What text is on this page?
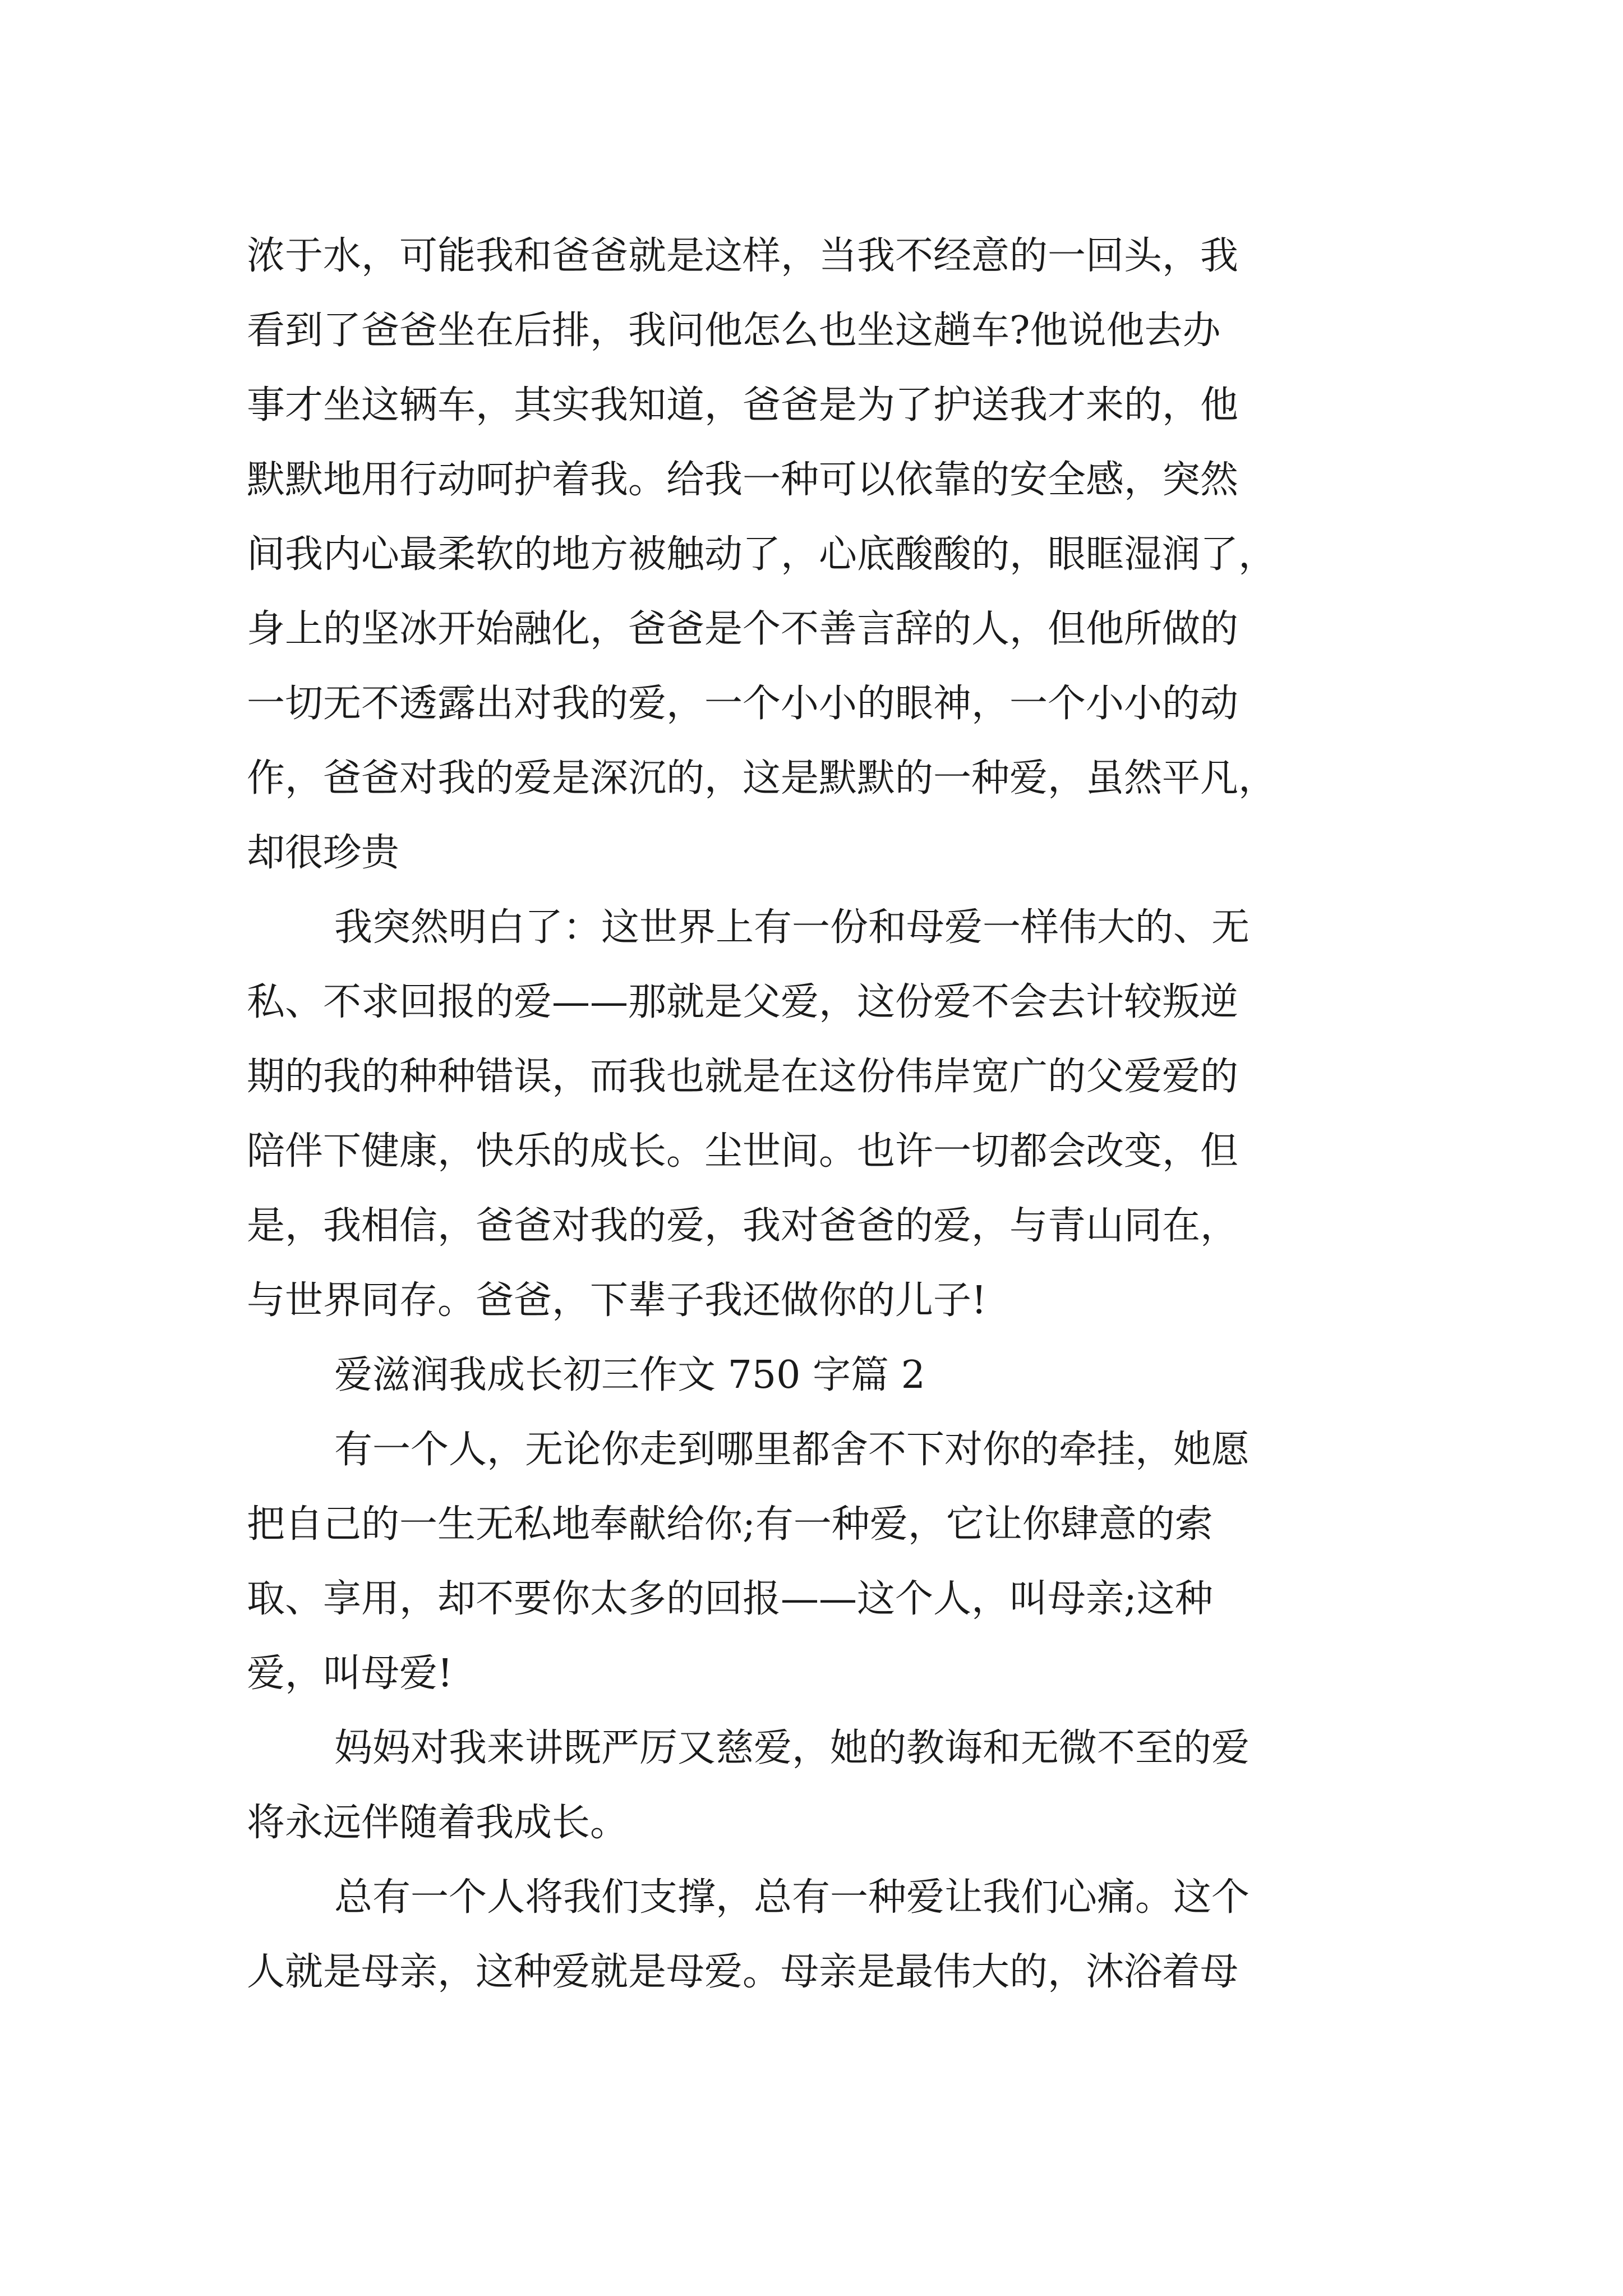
浓于水，可能我和爸爸就是这样，当我不经意的一回头，我
看到了爸爸坐在后排，我问他怎么也坐这趟车?他说他去办
事才坐这辆车，其实我知道，爸爸是为了护送我才来的，他
默默地用行动呵护着我。给我一种可以依靠的安全感，突然
间我内心最柔软的地方被触动了，心底酸酸的，眼眶湿润了，
身上的坚冰开始融化，爸爸是个不善言辞的人，但他所做的
一切无不透露出对我的爱，一个小小的眼神，一个小小的动
作，爸爸对我的爱是深沉的，这是默默的一种爱，虽然平凡，
却很珍贵
我突然明白了：这世界上有一份和母爱一样伟大的、无
私、不求回报的爱——那就是父爱，这份爱不会去计较叛逆
期的我的种种错误，而我也就是在这份伟岸宽广的父爱爱的
陪伴下健康，快乐的成长。尘世间。也许一切都会改变，但
是，我相信，爸爸对我的爱，我对爸爸的爱，与青山同在，
与世界同存。爸爸，下辈子我还做你的儿子!
爱滋润我成长初三作文 750 字篇 2
有一个人，无论你走到哪里都舍不下对你的牵挂，她愿
把自己的一生无私地奉献给你;有一种爱，它让你肆意的索
取、享用，却不要你太多的回报——这个人，叫母亲;这种
爱，叫母爱!
妈妈对我来讲既严厉又慈爱，她的教诲和无微不至的爱
将永远伴随着我成长。
总有一个人将我们支撑，总有一种爱让我们心痛。这个
人就是母亲，这种爱就是母爱。母亲是最伟大的，沐浴着母
